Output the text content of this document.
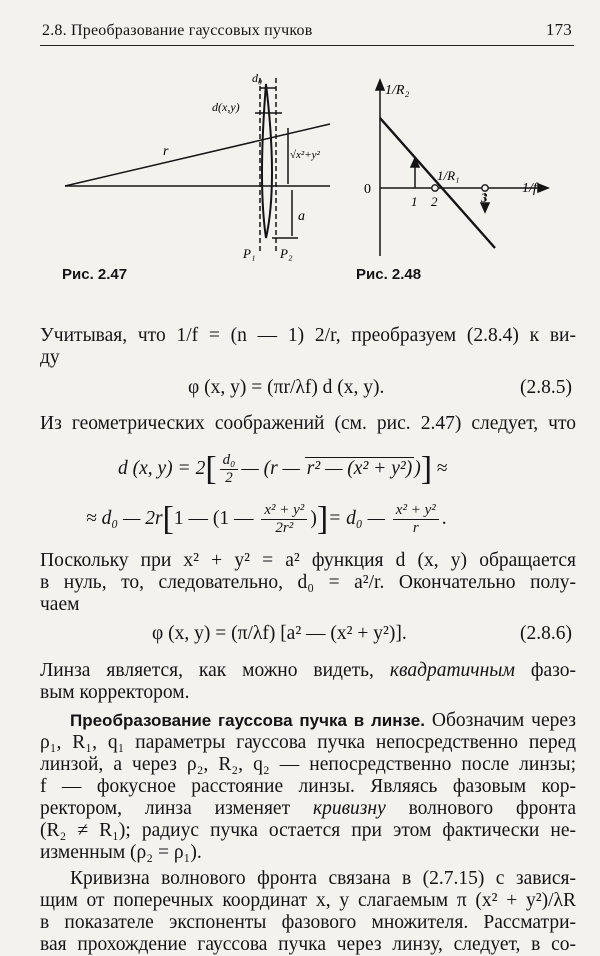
2.8. Преобразование гауссовых пучков	173
d₀
d(x,y)
r	√x²+y²
a
P₁ P₂
Рис. 2.47
1/R₂
1/f
0
1/R₁
1 2	3
Рис. 2.48
Учитывая, что 1/f = (n — 1) 2/r, преобразуем (2.8.4) к ви-
ду
φ (x, y) = (πr/λf) d (x, y).	(2.8.5)
Из геометрических соображений (см. рис. 2.47) следует, что
d (x, $y) = 2[ \frac{\text{d₀}}{2}$ — (r — r² — (x² + y²) )] ≈
≈ d₀ — 2r[1 — (1 — $\frac{\text{x² + y²}}{\text{2r²}}$ )]= d₀ — $\frac{\text{x² + y²}}{r}$ .
Поскольку при x² + y² = a² функция d (x, y) обращается
в нуль, то, следовательно, d₀ = a²/r. Окончательно полу-
чаем
φ (x, y) = (π/λf) [a² — (x² + y²)].	(2.8.6)
Линза является, как можно видеть, квадратичным фазо-
вым корректором.
Преобразование гауссова пучка в линзе. Обозначим через
ρ₁, R₁, q₁ параметры гауссова пучка непосредственно перед
линзой, а через ρ₂, R₂, q₂ — непосредственно после линзы;
f — фокусное расстояние линзы. Являясь фазовым кор-
ректором, линза изменяет кривизну волнового фронта
(R₂ ≠ R₁); радиус пучка остается при этом фактически не-
изменным (ρ₂ = ρ₁).
Кривизна волнового фронта связана в (2.7.15) с завися-
щим от поперечных координат x, y слагаемым π (x² + y²)/λR
в показателе экспоненты фазового множителя. Рассматри-
вая прохождение гауссова пучка через линзу, следует, в со-
